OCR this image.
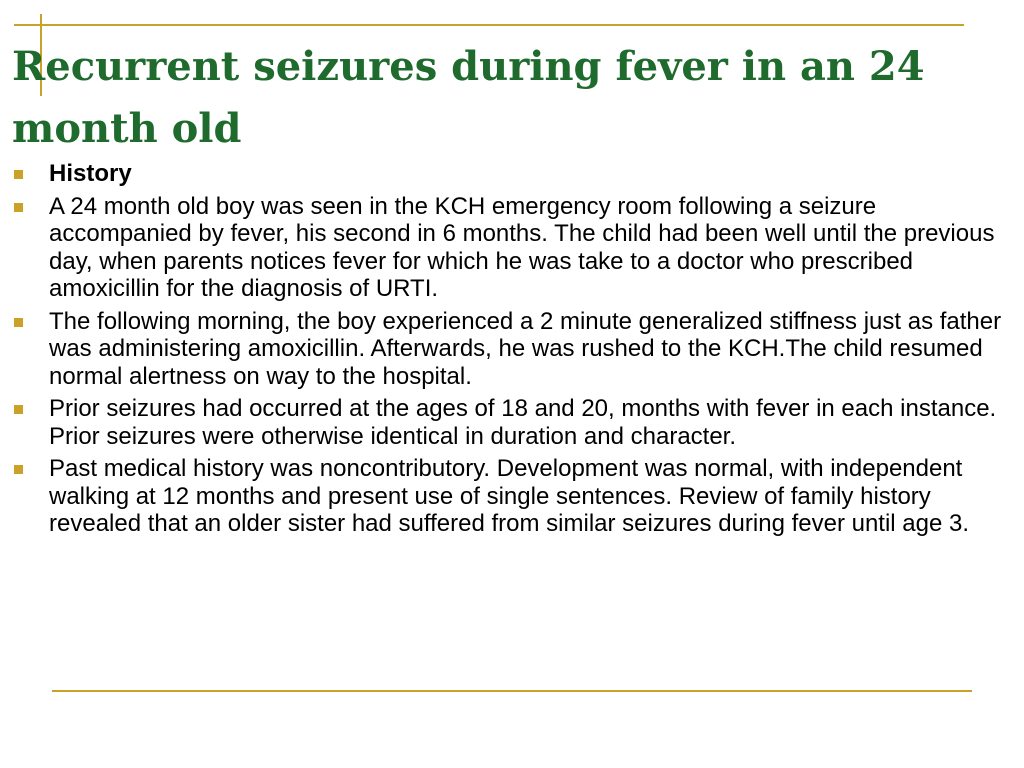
Recurrent seizures during fever in an 24 month old
History
A 24 month old boy was seen in the KCH emergency room following a seizure accompanied by fever, his second in 6 months. The child had been well until the previous day, when parents notices fever for which he was take to a doctor who prescribed amoxicillin for the diagnosis of URTI.
The following morning, the boy experienced a 2 minute generalized stiffness just as father was administering amoxicillin. Afterwards, he was rushed to the KCH.The child resumed normal alertness on way to the hospital.
Prior seizures had occurred at the ages of 18 and 20, months with fever in each instance. Prior seizures were otherwise identical in duration and character.
Past medical history was noncontributory. Development was normal, with independent walking at 12 months and present use of single sentences. Review of family history revealed that an older sister had suffered from similar seizures during fever until age 3.
